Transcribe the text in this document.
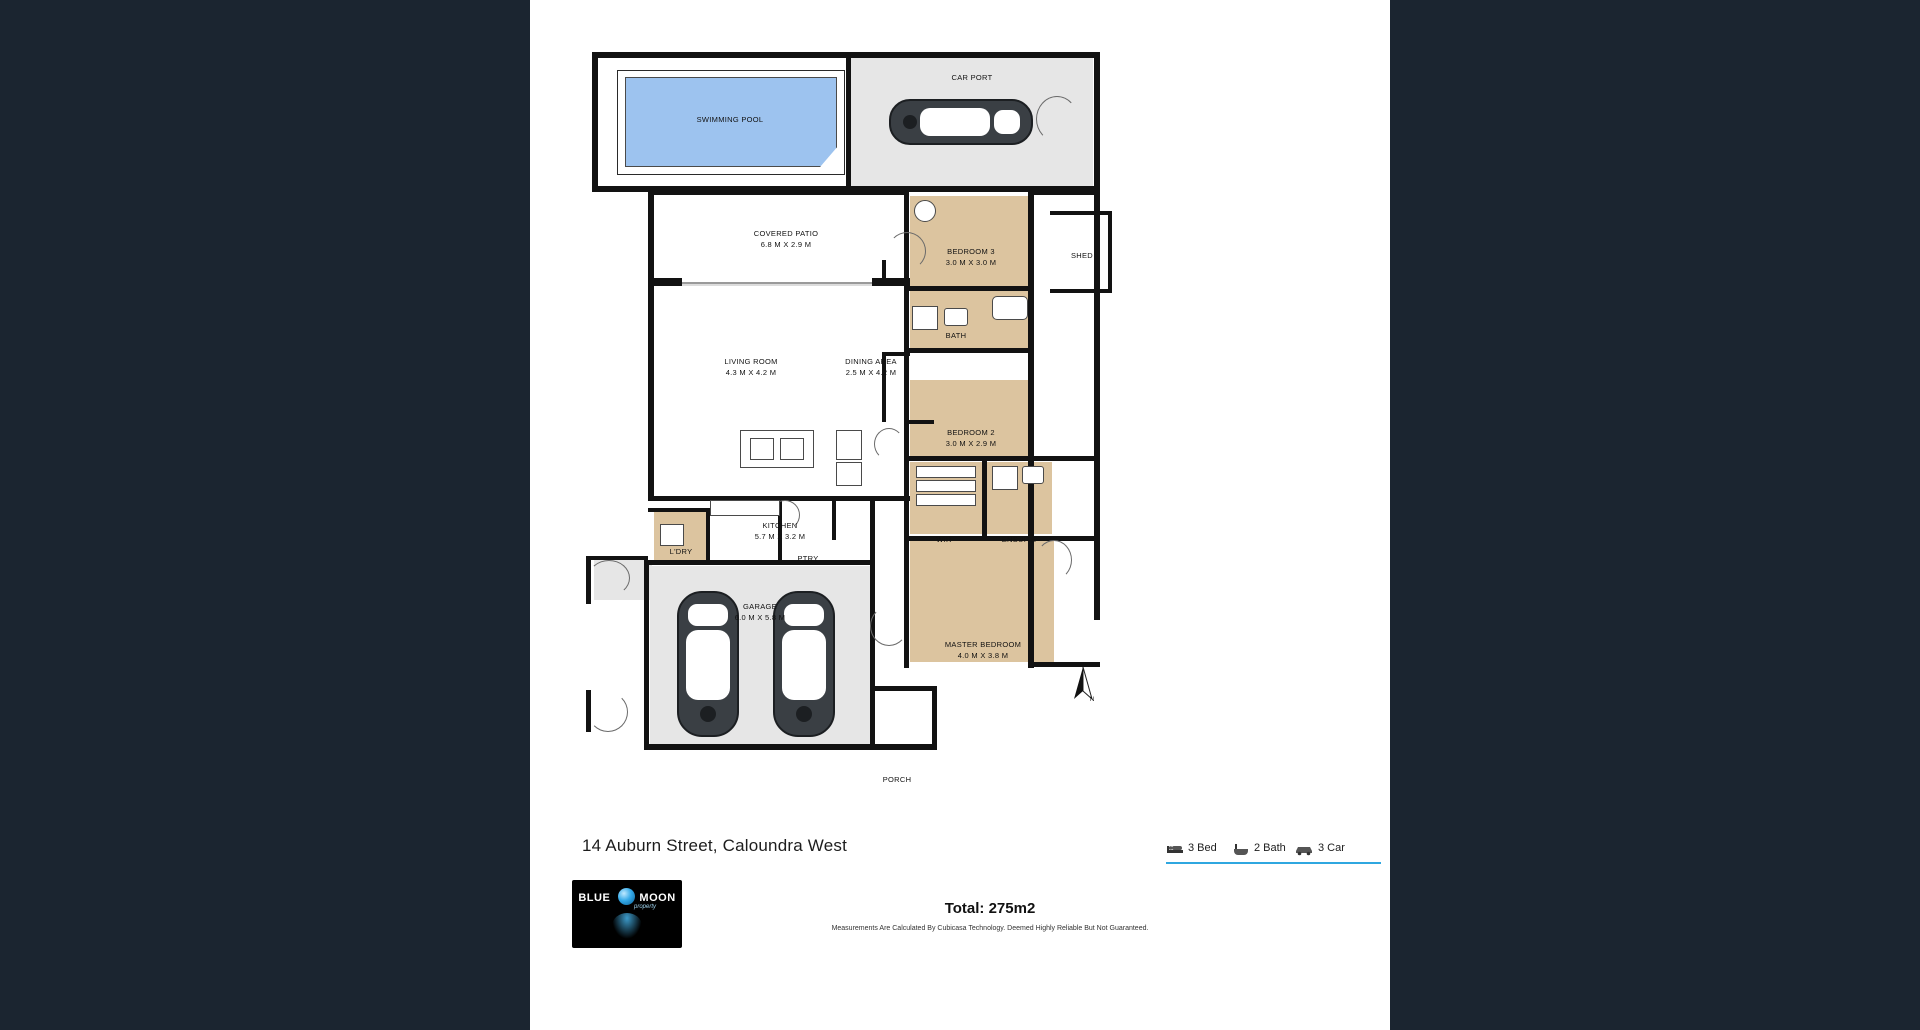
SWIMMING POOL
CAR PORT
COVERED PATIO
6.8 M X 2.9 M
BEDROOM 3
3.0 M X 3.0 M
SHED
BATH
LIVING ROOM
4.3 M X 4.2 M
DINING AREA
2.5 M X 4.2 M
BEDROOM 2
3.0 M X 2.9 M
KITCHEN
5.7 M X 3.2 M	WIR	ENSUITE
L'DRY
PTRY
GARAGE
6.0 M X 5.8 M
MASTER BEDROOM
4.0 M X 3.8 M
PORCH
N
14 Auburn Street, Caloundra West	3 Bed	2 Bath	3 Car
BLUE	MOON
property	Total: 275m2
Measurements Are Calculated By Cubicasa Technology. Deemed Highly Reliable But Not Guaranteed.
